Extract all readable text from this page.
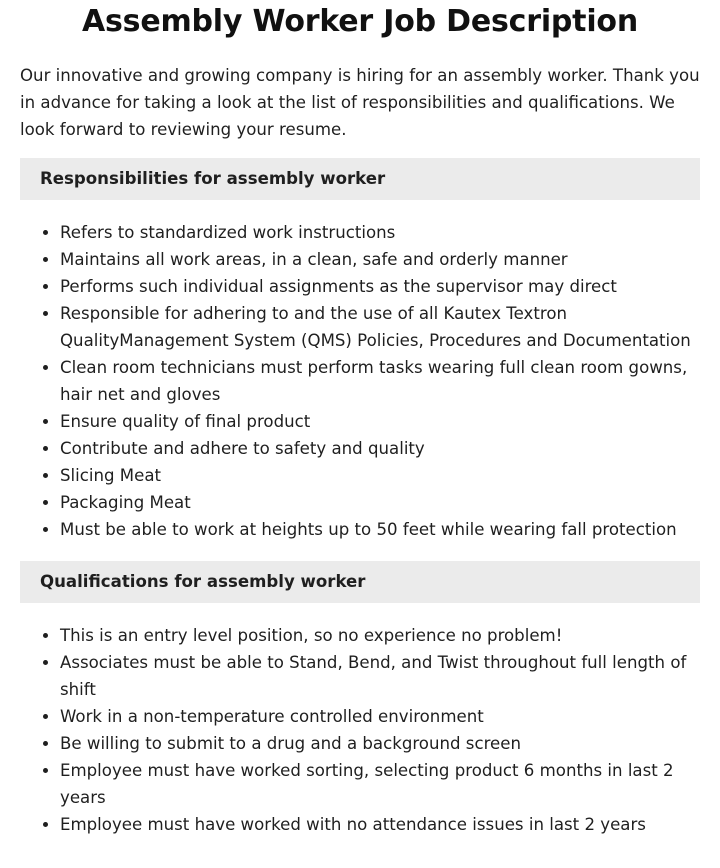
Assembly Worker Job Description

Our innovative and growing company is hiring for an assembly worker. Thank you in advance for taking a look at the list of responsibilities and qualifications. We look forward to reviewing your resume.

Responsibilities for assembly worker
• Refers to standardized work instructions
• Maintains all work areas, in a clean, safe and orderly manner
• Performs such individual assignments as the supervisor may direct
• Responsible for adhering to and the use of all Kautex Textron QualityManagement System (QMS) Policies, Procedures and Documentation
• Clean room technicians must perform tasks wearing full clean room gowns, hair net and gloves
• Ensure quality of final product
• Contribute and adhere to safety and quality
• Slicing Meat
• Packaging Meat
• Must be able to work at heights up to 50 feet while wearing fall protection
Qualifications for assembly worker
• This is an entry level position, so no experience no problem!
• Associates must be able to Stand, Bend, and Twist throughout full length of shift
• Work in a non-temperature controlled environment
• Be willing to submit to a drug and a background screen
• Employee must have worked sorting, selecting product 6 months in last 2 years
• Employee must have worked with no attendance issues in last 2 years
